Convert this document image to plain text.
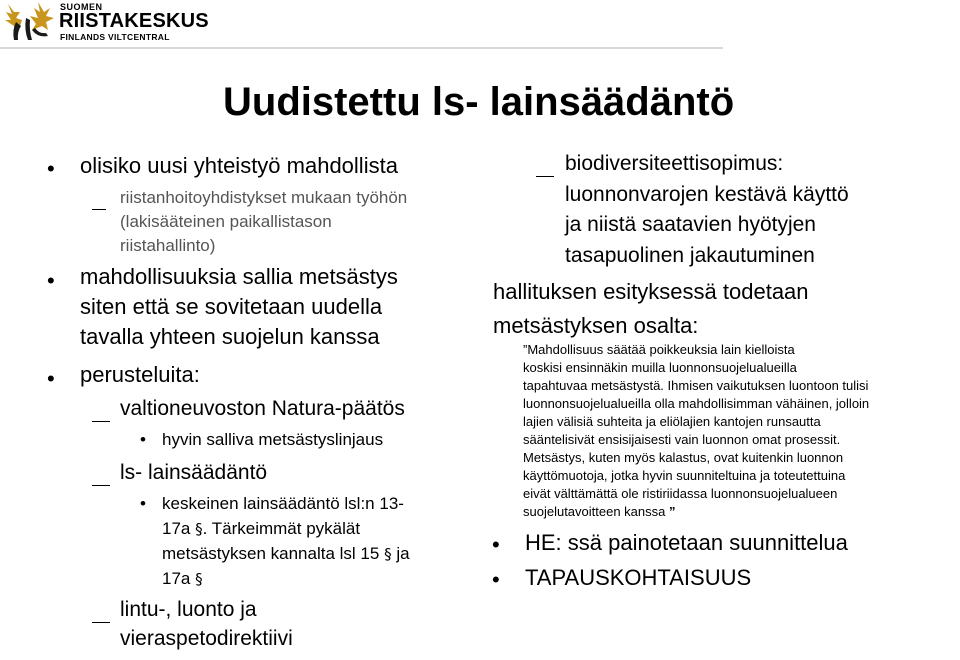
SUOMEN
RIISTAKESKUS
FINLANDS VILTCENTRAL
Uudistettu ls- lainsäädäntö
• olisiko uusi yhteistyö mahdollista
riistanhoitoyhdistykset mukaan työhön
(lakisääteinen paikallistason
riistahallinto)
• mahdollisuuksia sallia metsästys
siten että se sovitetaan uudella
tavalla yhteen suojelun kanssa
• perusteluita:
valtioneuvoston Natura-päätös
• hyvin salliva metsästyslinjaus
ls- lainsäädäntö
• keskeinen lainsäädäntö lsl:n 13-
17a §. Tärkeimmät pykälät
metsästyksen kannalta lsl 15 § ja
17a §
lintu-, luonto ja
vieraspetodirektiivi
biodiversiteettisopimus:
luonnonvarojen kestävä käyttö
ja niistä saatavien hyötyjen
tasapuolinen jakautuminen
hallituksen esityksessä todetaan
metsästyksen osalta:
”Mahdollisuus säätää poikkeuksia lain kielloista
koskisi ensinnäkin muilla luonnonsuojelualueilla
tapahtuvaa metsästystä. Ihmisen vaikutuksen luontoon tulisi
luonnonsuojelualueilla olla mahdollisimman vähäinen, jolloin
lajien välisiä suhteita ja eliölajien kantojen runsautta
sääntelisivät ensisijaisesti vain luonnon omat prosessit.
Metsästys, kuten myös kalastus, ovat kuitenkin luonnon
käyttömuotoja, jotka hyvin suunniteltuina ja toteutettuina
eivät välttämättä ole ristiriidassa luonnonsuojelualueen
suojelutavoitteen kanssa ”
• HE: ssä painotetaan suunnittelua
• TAPAUSKOHTAISUUS
